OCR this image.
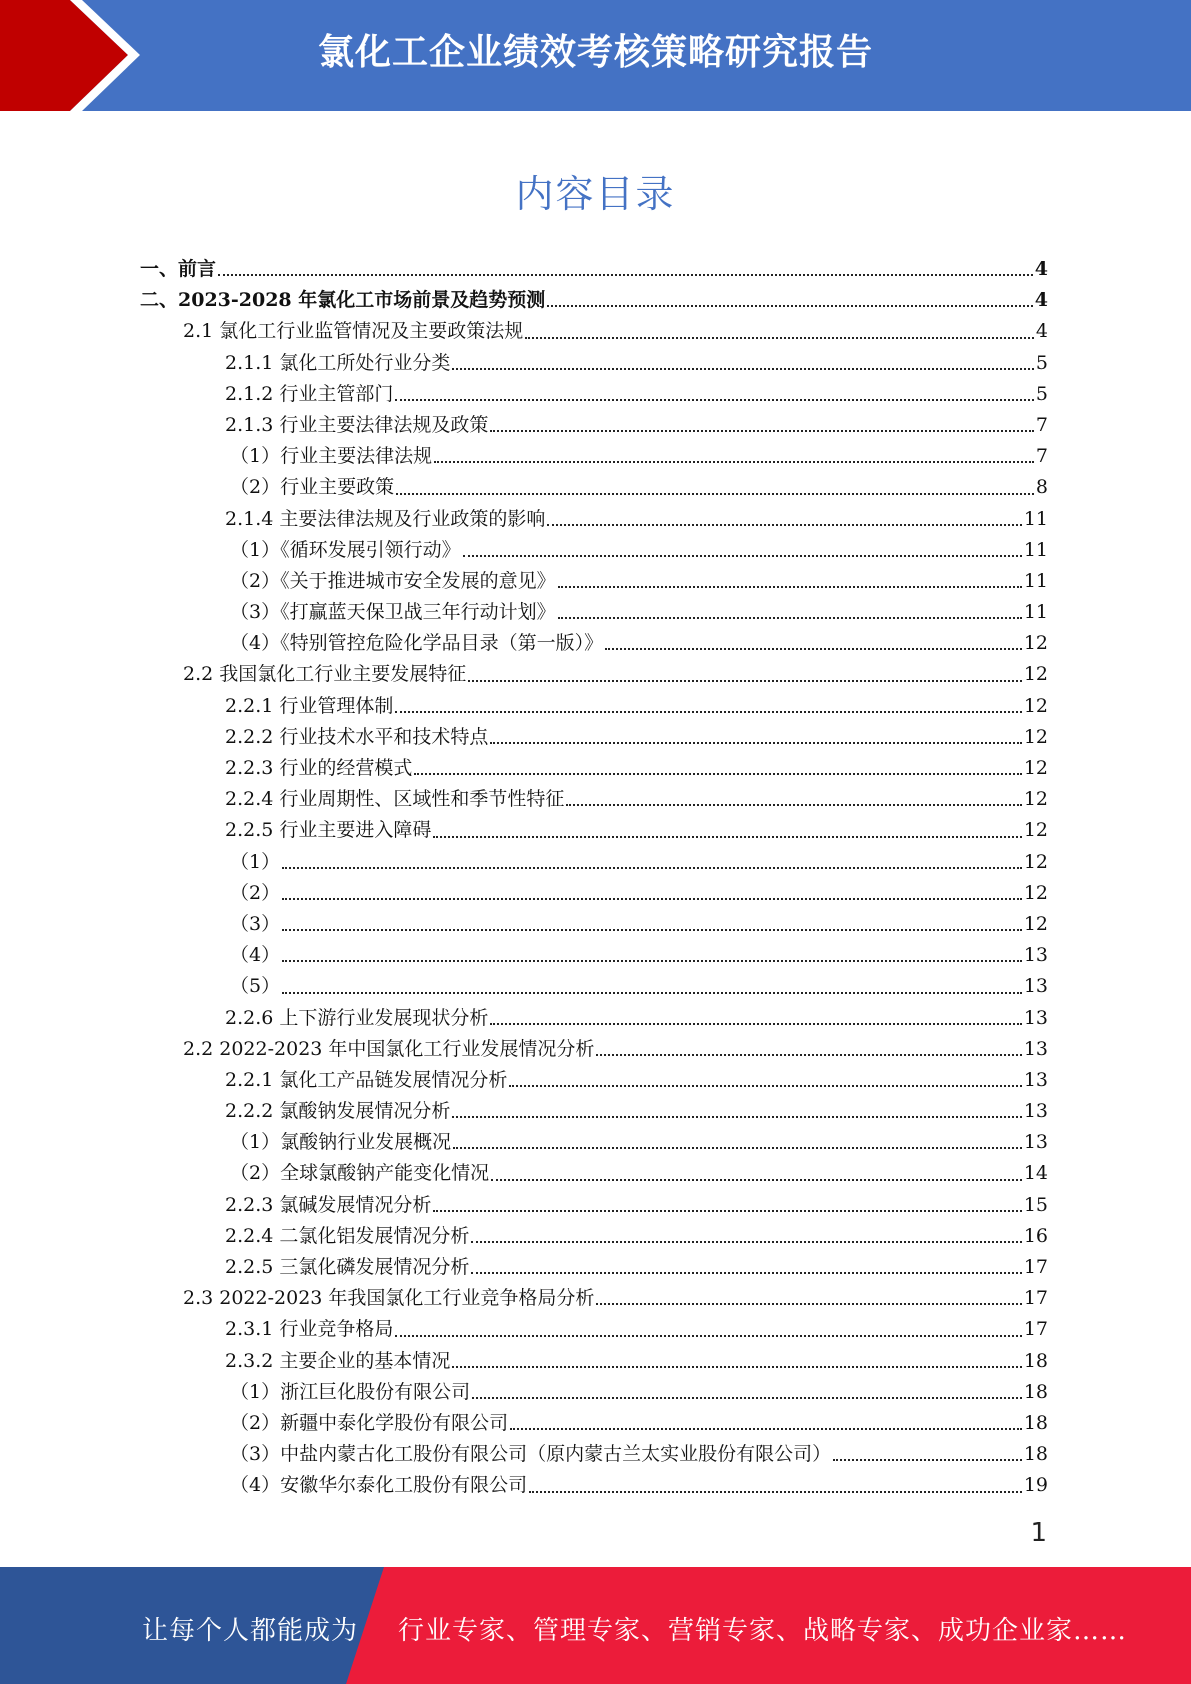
氯化工企业绩效考核策略研究报告
内容目录
一、前言	4
二、2023-2028 年氯化工市场前景及趋势预测	4
2.1 氯化工行业监管情况及主要政策法规	4
2.1.1 氯化工所处行业分类	5
2.1.2 行业主管部门	5
2.1.3 行业主要法律法规及政策	7
（1）行业主要法律法规	7
（2）行业主要政策	8
2.1.4 主要法律法规及行业政策的影响	11
（1）《循环发展引领行动》	11
（2）《关于推进城市安全发展的意见》	11
（3）《打赢蓝天保卫战三年行动计划》	11
（4）《特别管控危险化学品目录（第一版）》	12
2.2 我国氯化工行业主要发展特征	12
2.2.1 行业管理体制	12
2.2.2 行业技术水平和技术特点	12
2.2.3 行业的经营模式	12
2.2.4 行业周期性、区域性和季节性特征	12
2.2.5 行业主要进入障碍	12
（1）	12
（2）	12
（3）	12
（4）	13
（5）	13
2.2.6 上下游行业发展现状分析	13
2.2 2022-2023 年中国氯化工行业发展情况分析	13
2.2.1 氯化工产品链发展情况分析	13
2.2.2 氯酸钠发展情况分析	13
（1）氯酸钠行业发展概况	13
（2）全球氯酸钠产能变化情况	14
2.2.3 氯碱发展情况分析	15
2.2.4 二氯化铝发展情况分析	16
2.2.5 三氯化磷发展情况分析	17
2.3 2022-2023 年我国氯化工行业竞争格局分析	17
2.3.1 行业竞争格局	17
2.3.2 主要企业的基本情况	18
（1）浙江巨化股份有限公司	18
（2）新疆中泰化学股份有限公司	18
（3）中盐内蒙古化工股份有限公司（原内蒙古兰太实业股份有限公司）	18
（4）安徽华尔泰化工股份有限公司	19
1
让每个人都能成为 行业专家、管理专家、营销专家、战略专家、成功企业家……
